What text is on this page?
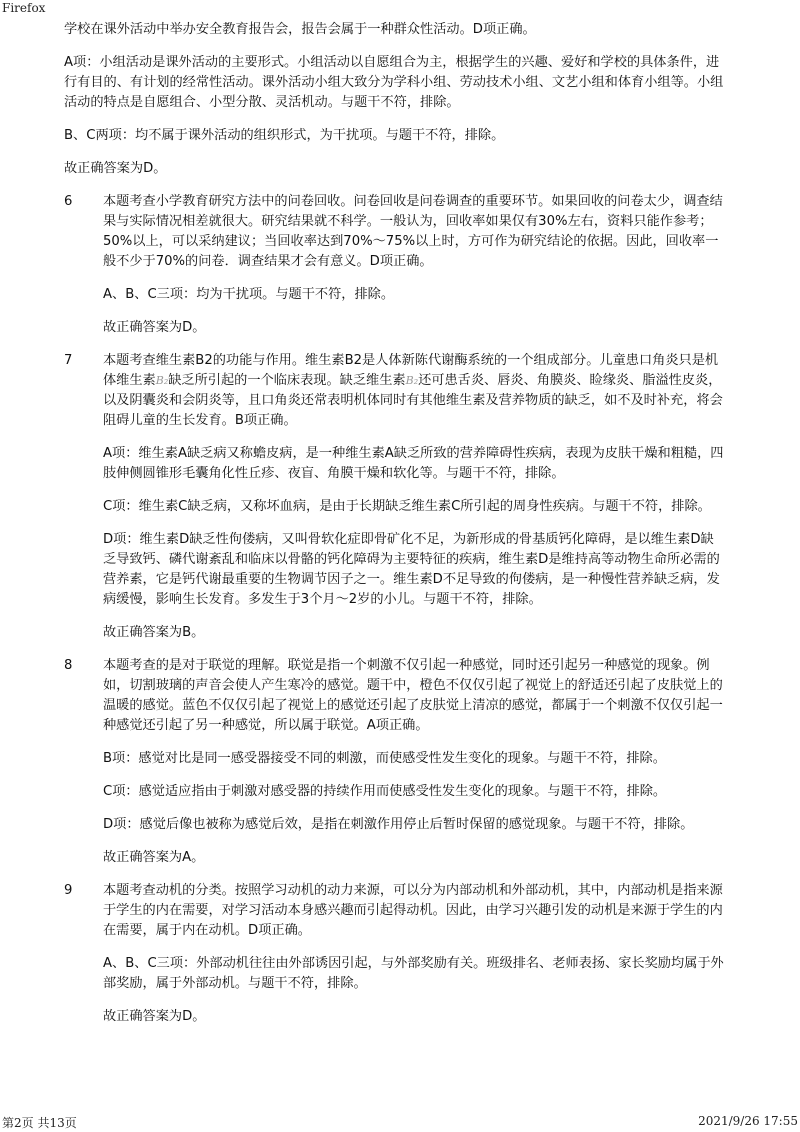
Firefox

学校在课外活动中举办安全教育报告会，报告会属于一种群众性活动。D项正确。

A项：小组活动是课外活动的主要形式。小组活动以自愿组合为主，根据学生的兴趣、爱好和学校的具体条件，进行有目的、有计划的经常性活动。课外活动小组大致分为学科小组、劳动技术小组、文艺小组和体育小组等。小组活动的特点是自愿组合、小型分散、灵活机动。与题干不符，排除。

B、C两项：均不属于课外活动的组织形式，为干扰项。与题干不符，排除。

故正确答案为D。

6	本题考查小学教育研究方法中的问卷回收。问卷回收是问卷调查的重要环节。如果回收的问卷太少，调查结果与实际情况相差就很大。研究结果就不科学。一般认为，回收率如果仅有30%左右，资料只能作参考；50%以上，可以采纳建议；当回收率达到70%～75%以上时，方可作为研究结论的依据。因此，回收率一般不少于70%的问卷．调查结果才会有意义。D项正确。

A、B、C三项：均为干扰项。与题干不符，排除。

故正确答案为D。

7	本题考查维生素B2的功能与作用。维生素B2是人体新陈代谢酶系统的一个组成部分。儿童患口角炎只是机体维生素B₂缺乏所引起的一个临床表现。缺乏维生素B₂还可患舌炎、唇炎、角膜炎、睑缘炎、脂溢性皮炎，以及阴囊炎和会阴炎等，且口角炎还常表明机体同时有其他维生素及营养物质的缺乏，如不及时补充，将会阻碍儿童的生长发育。B项正确。

A项：维生素A缺乏病又称蟾皮病，是一种维生素A缺乏所致的营养障碍性疾病，表现为皮肤干燥和粗糙，四肢伸侧圆锥形毛囊角化性丘疹、夜盲、角膜干燥和软化等。与题干不符，排除。

C项：维生素C缺乏病，又称坏血病，是由于长期缺乏维生素C所引起的周身性疾病。与题干不符，排除。

D项：维生素D缺乏性佝偻病，又叫骨软化症即骨矿化不足，为新形成的骨基质钙化障碍，是以维生素D缺乏导致钙、磷代谢紊乱和临床以骨骼的钙化障碍为主要特征的疾病，维生素D是维持高等动物生命所必需的营养素，它是钙代谢最重要的生物调节因子之一。维生素D不足导致的佝偻病，是一种慢性营养缺乏病，发病缓慢，影响生长发育。多发生于3个月～2岁的小儿。与题干不符，排除。

故正确答案为B。

8	本题考查的是对于联觉的理解。联觉是指一个刺激不仅引起一种感觉，同时还引起另一种感觉的现象。例如，切割玻璃的声音会使人产生寒冷的感觉。题干中，橙色不仅仅引起了视觉上的舒适还引起了皮肤觉上的温暖的感觉。蓝色不仅仅引起了视觉上的感觉还引起了皮肤觉上清凉的感觉，都属于一个刺激不仅仅引起一种感觉还引起了另一种感觉，所以属于联觉。A项正确。

B项：感觉对比是同一感受器接受不同的刺激，而使感受性发生变化的现象。与题干不符，排除。

C项：感觉适应指由于刺激对感受器的持续作用而使感受性发生变化的现象。与题干不符，排除。

D项：感觉后像也被称为感觉后效，是指在刺激作用停止后暂时保留的感觉现象。与题干不符，排除。

故正确答案为A。

9	本题考查动机的分类。按照学习动机的动力来源，可以分为内部动机和外部动机，其中，内部动机是指来源于学生的内在需要，对学习活动本身感兴趣而引起得动机。因此，由学习兴趣引发的动机是来源于学生的内在需要，属于内在动机。D项正确。

A、B、C三项：外部动机往往由外部诱因引起，与外部奖励有关。班级排名、老师表扬、家长奖励均属于外部奖励，属于外部动机。与题干不符，排除。

故正确答案为D。

第2页 共13页	2021/9/26 17:55
